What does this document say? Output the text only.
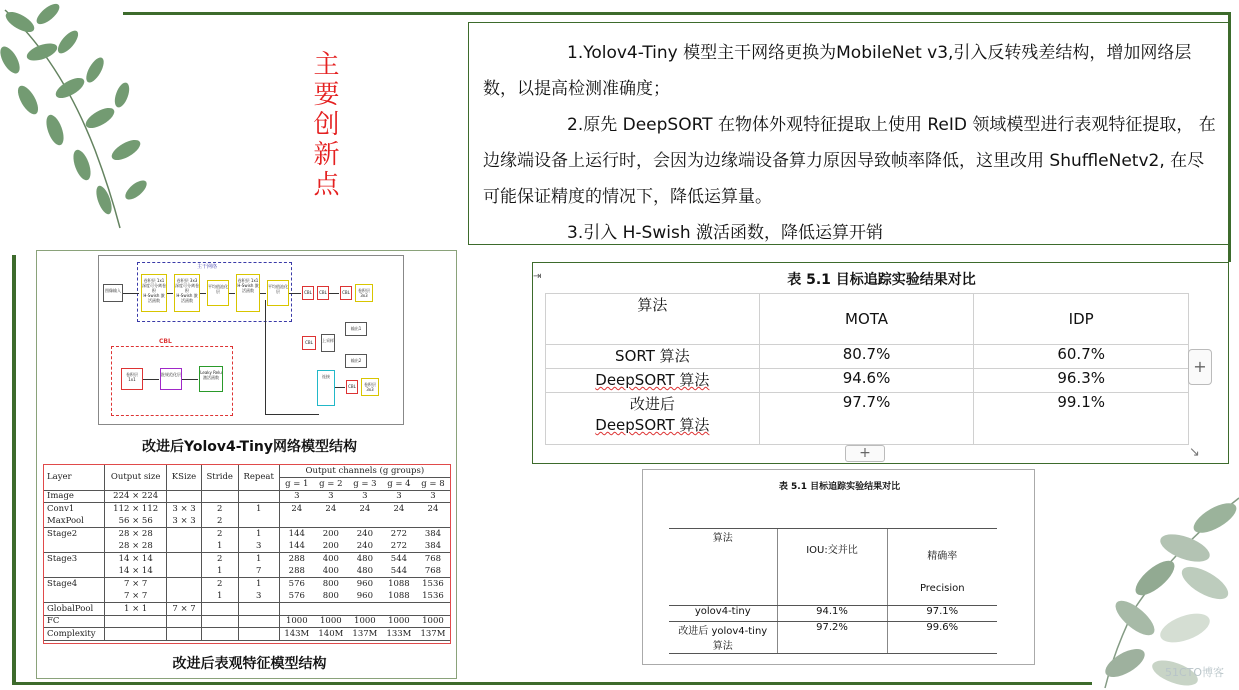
主要创新点	1.Yolov4-Tiny 模型主干网络更换为MobileNet v3,引入反转残差结构，增加网络层数，以提高检测准确度；

2.原先 DeepSORT 在物体外观特征提取上使用 ReID 领域模型进行表观特征提取， 在边缘端设备上运行时，会因为边缘端设备算力原因导致帧率降低，这里改用 ShuffleNetv2, 在尽可能保证精度的情况下，降低运算量。

3.引入 H-Swish 激活函数，降低运算开销

主干网络
图像输入
卷积层 1x1
深度可分离卷积
H-Swish 激活函数
卷积层 3x3
深度可分离卷积
H-Swish 激活函数
平均值池化层
卷积层 1x1
H-Swish 激活函数
平均值池化层	CBL	CBL	CBL	卷积层 3x3
输出1
CBL	上采样
连接
CBL	卷积层 3x3
输出2
CBL
卷积层 1x1
批规范化层	Leaky Relu 激活函数
改进后Yolov4-Tiny网络模型结构
Layer	Output size	KSize	Stride	Repeat	Output channels (g groups)				
					g = 1	g = 2	g = 3	g = 4	g = 8
Image	224 × 224				3	3	3	3	3
Conv1	112 × 112	3 × 3	2	1	24	24	24	24	24
MaxPool	56 × 56	3 × 3	2						
Stage2	28 × 28		2	1	144	200	240	272	384
	28 × 28		1	3	144	200	240	272	384
Stage3	14 × 14		2	1	288	400	480	544	768
	14 × 14		1	7	288	400	480	544	768
Stage4	7 × 7		2	1	576	800	960	1088	1536
	7 × 7		1	3	576	800	960	1088	1536
GlobalPool	1 × 1	7 × 7							
FC					1000	1000	1000	1000	1000
Complexity					143M	140M	137M	133M	137M
改进后表观特征模型结构
⇥	表 5.1 目标追踪实验结果对比
算法	MOTA	IDP
SORT 算法	80.7%	60.7%
DeepSORT 算法	94.6%	96.3%
改进后
DeepSORT 算法	97.7%	99.1%
+
+	↘
表 5.1 目标追踪实验结果对比
算法	IOU:交并比	精确率
Precision
yolov4-tiny	94.1%	97.1%
改进后 yolov4-tiny
算法	97.2%	99.6%
51CTO博客
